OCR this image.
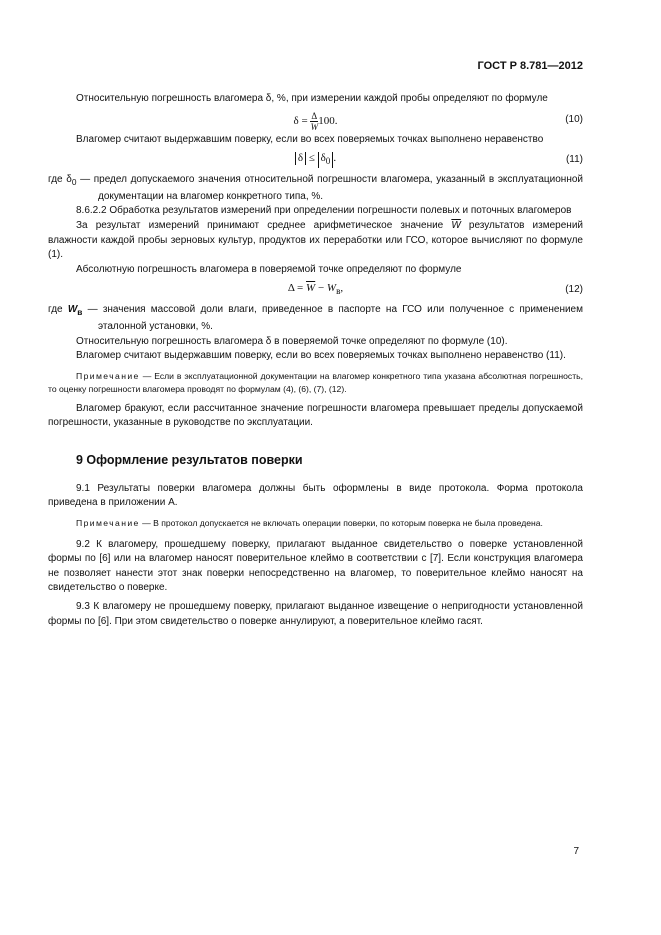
ГОСТ Р 8.781—2012

Относительную погрешность влагомера δ, %, при измерении каждой пробы определяют по формуле

$\delta = \frac{\Delta}{W} 100$.	(10)

Влагомер считают выдержавшим поверку, если во всех поверяемых точках выполнено неравенство

$\delta \le \delta_0$ .	(11)

где $\delta_0$ — предел допускаемого значения относительной погрешности влагомера, указанный в эксплуатационной документации на влагомер конкретного типа, %.

8.6.2.2 Обработка результатов измерений при определении погрешности полевых и поточных влагомеров

За результат измерений принимают среднее арифметическое значение $\overline{W}$ результатов измерений влажности каждой пробы зерновых культур, продуктов их переработки или ГСО, которое вычисляют по формуле (1).

Абсолютную погрешность влагомера в поверяемой точке определяют по формуле

$\Delta = \overline{W} - W_в$,	(12)

где $W_в$ — значения массовой доли влаги, приведенное в паспорте на ГСО или полученное с применением эталонной установки, %.

Относительную погрешность влагомера δ в поверяемой точке определяют по формуле (10).

Влагомер считают выдержавшим поверку, если во всех поверяемых точках выполнено неравенство (11).

Примечание — Если в эксплуатационной документации на влагомер конкретного типа указана абсолютная погрешность, то оценку погрешности влагомера проводят по формулам (4), (6), (7), (12).

Влагомер бракуют, если рассчитанное значение погрешности влагомера превышает пределы допускаемой погрешности, указанные в руководстве по эксплуатации.

9 Оформление результатов поверки

9.1 Результаты поверки влагомера должны быть оформлены в виде протокола. Форма протокола приведена в приложении А.

Примечание — В протокол допускается не включать операции поверки, по которым поверка не была проведена.

9.2 К влагомеру, прошедшему поверку, прилагают выданное свидетельство о поверке установленной формы по [6] или на влагомер наносят поверительное клеймо в соответствии с [7]. Если конструкция влагомера не позволяет нанести этот знак поверки непосредственно на влагомер, то поверительное клеймо наносят на свидетельство о поверке.

9.3 К влагомеру не прошедшему поверку, прилагают выданное извещение о непригодности установленной формы по [6]. При этом свидетельство о поверке аннулируют, а поверительное клеймо гасят.

7
